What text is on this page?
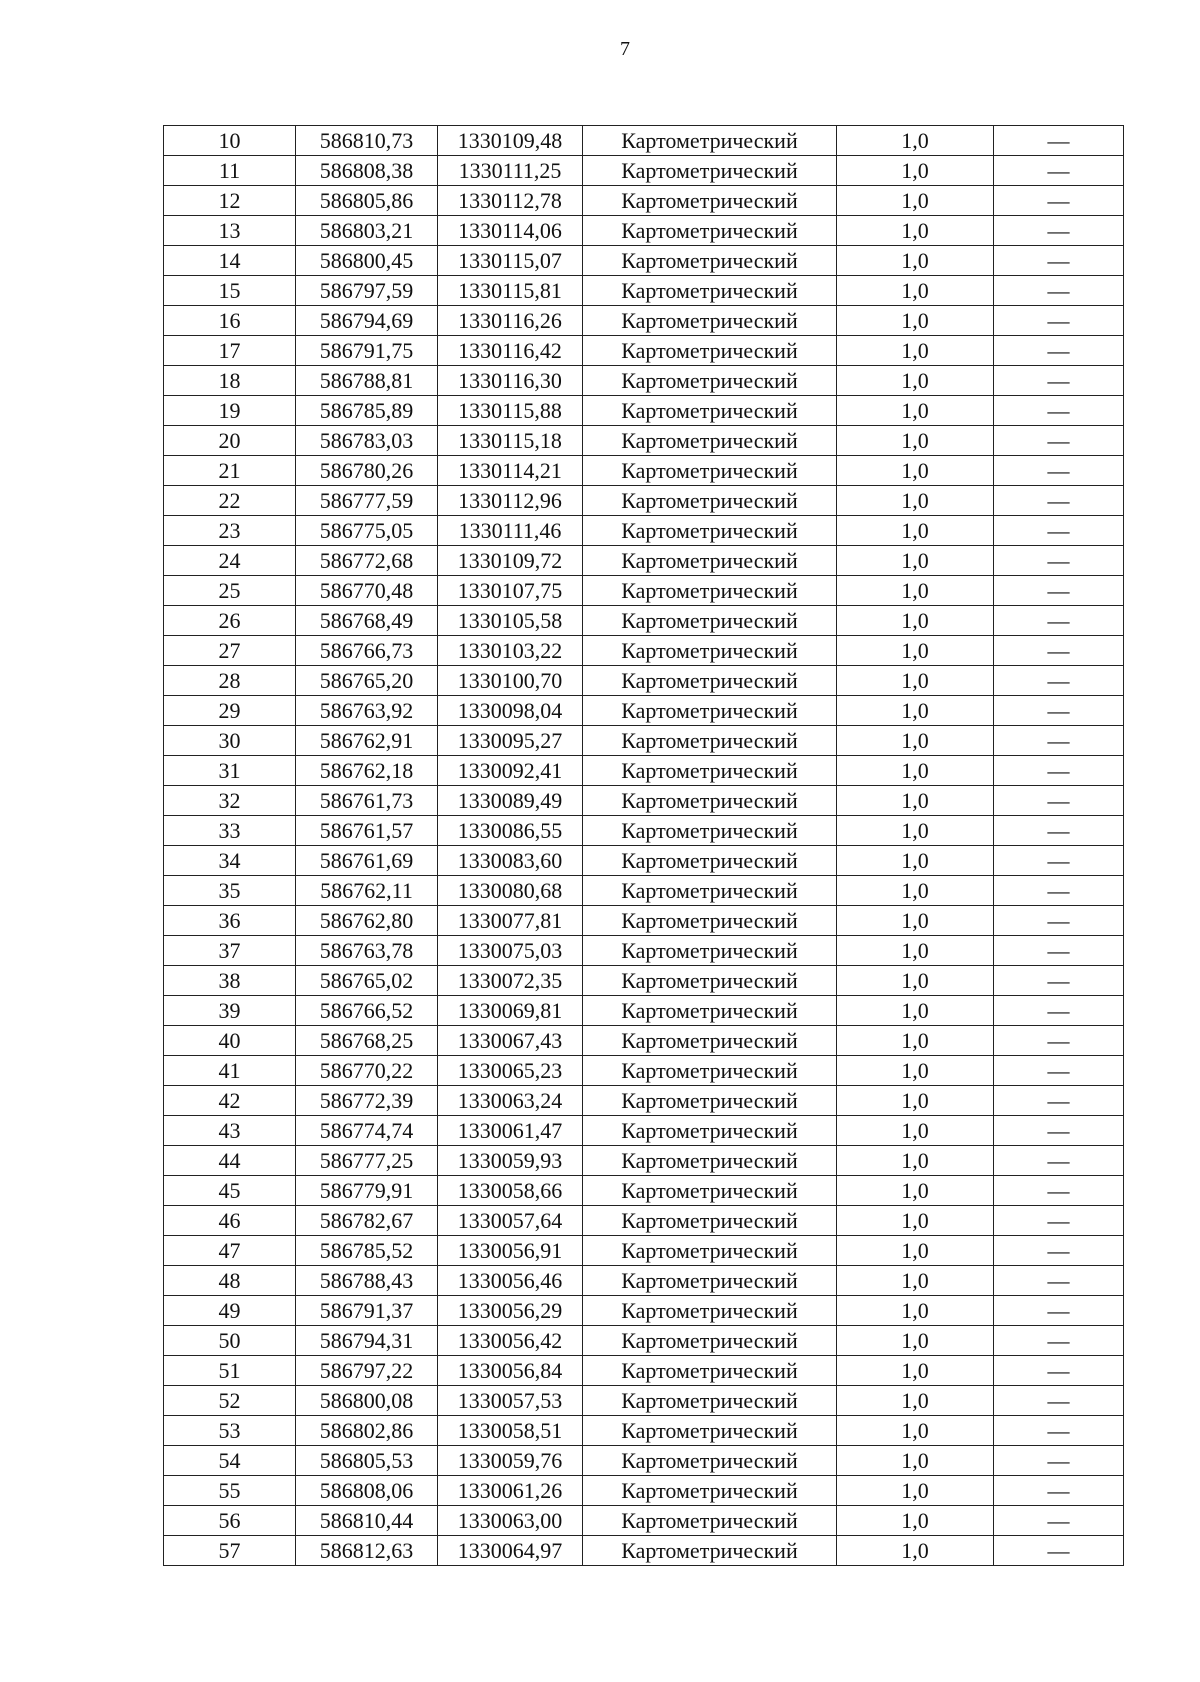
7
10	586810,73	1330109,48	Картометрический	1,0	—
11	586808,38	1330111,25	Картометрический	1,0	—
12	586805,86	1330112,78	Картометрический	1,0	—
13	586803,21	1330114,06	Картометрический	1,0	—
14	586800,45	1330115,07	Картометрический	1,0	—
15	586797,59	1330115,81	Картометрический	1,0	—
16	586794,69	1330116,26	Картометрический	1,0	—
17	586791,75	1330116,42	Картометрический	1,0	—
18	586788,81	1330116,30	Картометрический	1,0	—
19	586785,89	1330115,88	Картометрический	1,0	—
20	586783,03	1330115,18	Картометрический	1,0	—
21	586780,26	1330114,21	Картометрический	1,0	—
22	586777,59	1330112,96	Картометрический	1,0	—
23	586775,05	1330111,46	Картометрический	1,0	—
24	586772,68	1330109,72	Картометрический	1,0	—
25	586770,48	1330107,75	Картометрический	1,0	—
26	586768,49	1330105,58	Картометрический	1,0	—
27	586766,73	1330103,22	Картометрический	1,0	—
28	586765,20	1330100,70	Картометрический	1,0	—
29	586763,92	1330098,04	Картометрический	1,0	—
30	586762,91	1330095,27	Картометрический	1,0	—
31	586762,18	1330092,41	Картометрический	1,0	—
32	586761,73	1330089,49	Картометрический	1,0	—
33	586761,57	1330086,55	Картометрический	1,0	—
34	586761,69	1330083,60	Картометрический	1,0	—
35	586762,11	1330080,68	Картометрический	1,0	—
36	586762,80	1330077,81	Картометрический	1,0	—
37	586763,78	1330075,03	Картометрический	1,0	—
38	586765,02	1330072,35	Картометрический	1,0	—
39	586766,52	1330069,81	Картометрический	1,0	—
40	586768,25	1330067,43	Картометрический	1,0	—
41	586770,22	1330065,23	Картометрический	1,0	—
42	586772,39	1330063,24	Картометрический	1,0	—
43	586774,74	1330061,47	Картометрический	1,0	—
44	586777,25	1330059,93	Картометрический	1,0	—
45	586779,91	1330058,66	Картометрический	1,0	—
46	586782,67	1330057,64	Картометрический	1,0	—
47	586785,52	1330056,91	Картометрический	1,0	—
48	586788,43	1330056,46	Картометрический	1,0	—
49	586791,37	1330056,29	Картометрический	1,0	—
50	586794,31	1330056,42	Картометрический	1,0	—
51	586797,22	1330056,84	Картометрический	1,0	—
52	586800,08	1330057,53	Картометрический	1,0	—
53	586802,86	1330058,51	Картометрический	1,0	—
54	586805,53	1330059,76	Картометрический	1,0	—
55	586808,06	1330061,26	Картометрический	1,0	—
56	586810,44	1330063,00	Картометрический	1,0	—
57	586812,63	1330064,97	Картометрический	1,0	—
